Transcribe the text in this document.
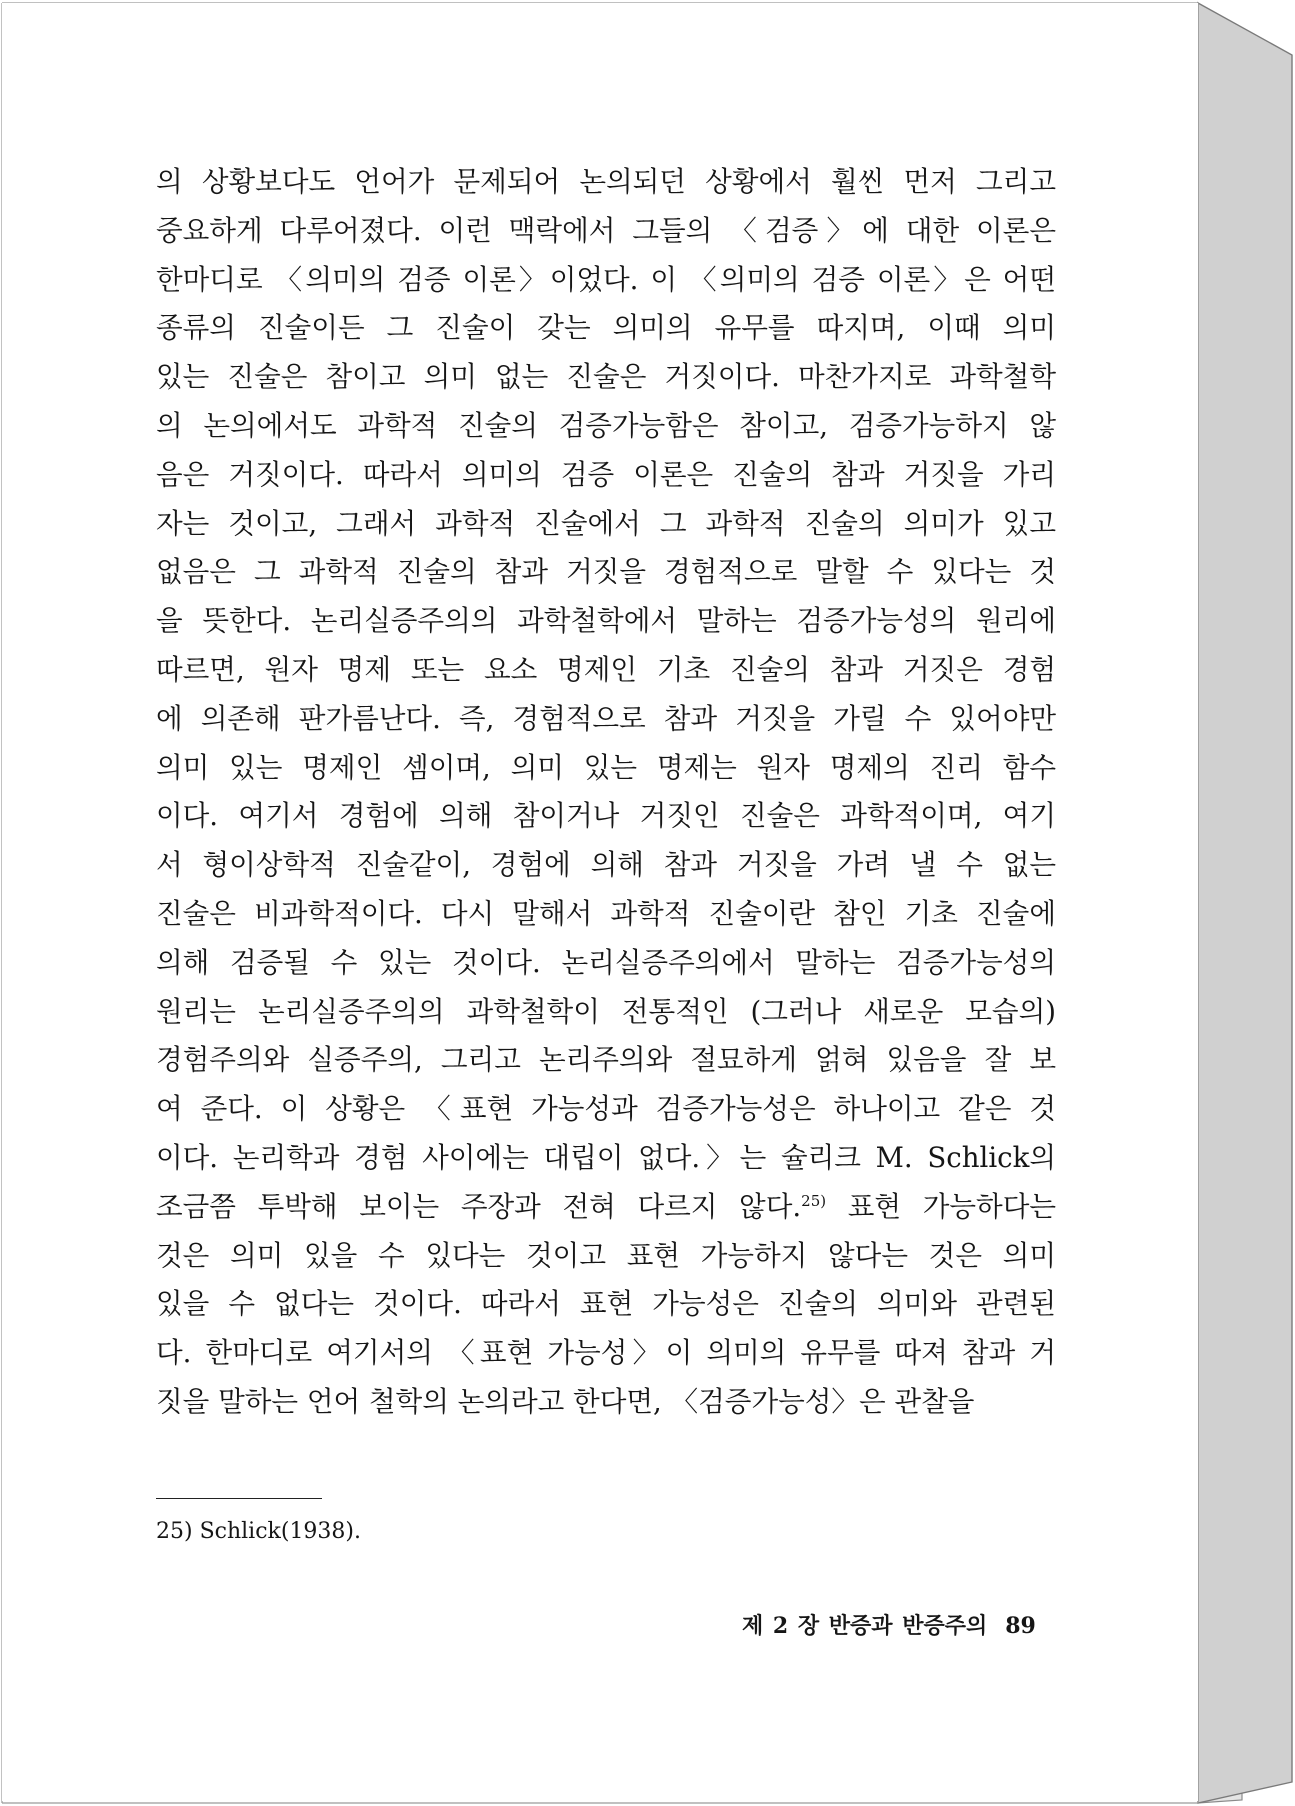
의 상황보다도 언어가 문제되어 논의되던 상황에서 훨씬 먼저 그리고
중요하게 다루어졌다. 이런 맥락에서 그들의 〈검증〉에 대한 이론은
한마디로 〈의미의 검증 이론〉이었다. 이 〈의미의 검증 이론〉은 어떤
종류의 진술이든 그 진술이 갖는 의미의 유무를 따지며, 이때 의미
있는 진술은 참이고 의미 없는 진술은 거짓이다. 마찬가지로 과학철학
의 논의에서도 과학적 진술의 검증가능함은 참이고, 검증가능하지 않
음은 거짓이다. 따라서 의미의 검증 이론은 진술의 참과 거짓을 가리
자는 것이고, 그래서 과학적 진술에서 그 과학적 진술의 의미가 있고
없음은 그 과학적 진술의 참과 거짓을 경험적으로 말할 수 있다는 것
을 뜻한다. 논리실증주의의 과학철학에서 말하는 검증가능성의 원리에
따르면, 원자 명제 또는 요소 명제인 기초 진술의 참과 거짓은 경험
에 의존해 판가름난다. 즉, 경험적으로 참과 거짓을 가릴 수 있어야만
의미 있는 명제인 셈이며, 의미 있는 명제는 원자 명제의 진리 함수
이다. 여기서 경험에 의해 참이거나 거짓인 진술은 과학적이며, 여기
서 형이상학적 진술같이, 경험에 의해 참과 거짓을 가려 낼 수 없는
진술은 비과학적이다. 다시 말해서 과학적 진술이란 참인 기초 진술에
의해 검증될 수 있는 것이다. 논리실증주의에서 말하는 검증가능성의
원리는 논리실증주의의 과학철학이 전통적인 (그러나 새로운 모습의)
경험주의와 실증주의, 그리고 논리주의와 절묘하게 얽혀 있음을 잘 보
여 준다. 이 상황은 〈표현 가능성과 검증가능성은 하나이고 같은 것
이다. 논리학과 경험 사이에는 대립이 없다.〉는 슐리크 M. Schlick의
조금쯤 투박해 보이는 주장과 전혀 다르지 않다.$^{25)}$ 표현 가능하다는
것은 의미 있을 수 있다는 것이고 표현 가능하지 않다는 것은 의미
있을 수 없다는 것이다. 따라서 표현 가능성은 진술의 의미와 관련된
다. 한마디로 여기서의 〈표현 가능성〉이 의미의 유무를 따져 참과 거
짓을 말하는 언어 철학의 논의라고 한다면, 〈검증가능성〉은 관찰을
25) Schlick(1938).
제 2 장 반증과 반증주의 89
